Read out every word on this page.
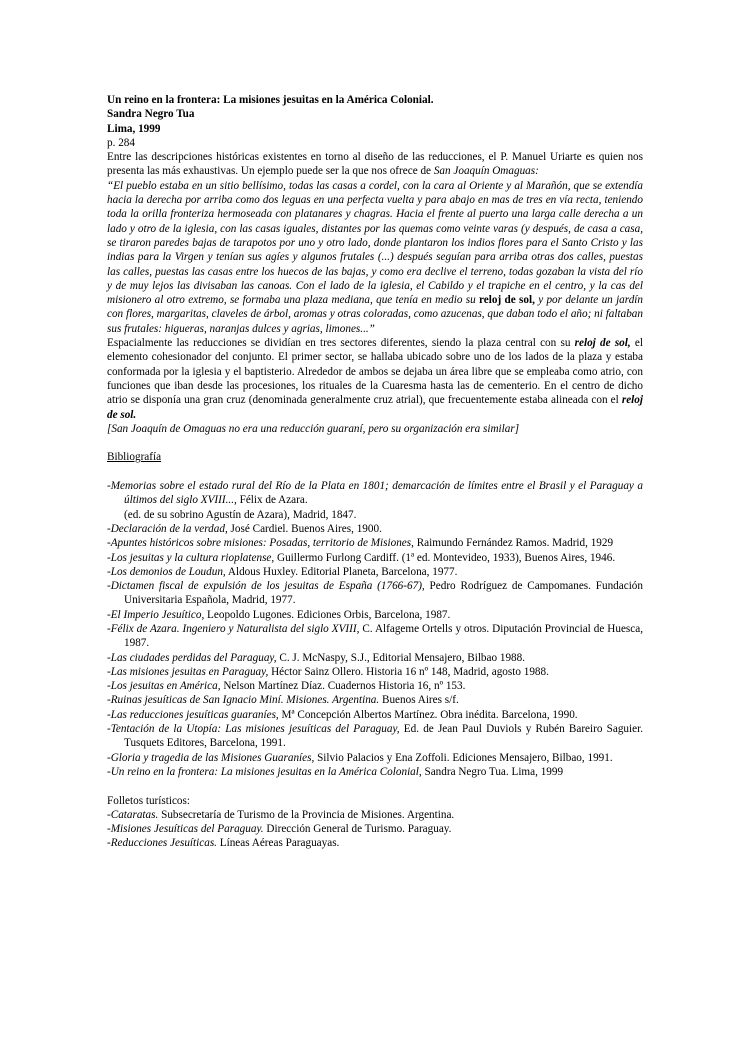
Un reino en la frontera: La misiones jesuitas en la América Colonial.

Sandra Negro Tua

Lima, 1999

p. 284

Entre las descripciones históricas existentes en torno al diseño de las reducciones, el P. Manuel Uriarte es quien nos presenta las más exhaustivas. Un ejemplo puede ser la que nos ofrece de San Joaquín Omaguas:

“El pueblo estaba en un sitio bellísimo, todas las casas a cordel, con la cara al Oriente y al Marañón, que se extendía hacia la derecha por arriba como dos leguas en una perfecta vuelta y para abajo en mas de tres en vía recta, teniendo toda la orilla fronteriza hermoseada con platanares y chagras. Hacia el frente al puerto una larga calle derecha a un lado y otro de la iglesia, con las casas iguales, distantes por las quemas como veinte varas (y después, de casa a casa, se tiraron paredes bajas de tarapotos por uno y otro lado, donde plantaron los indios flores para el Santo Cristo y las indias para la Virgen y tenían sus agíes y algunos frutales (...) después seguían para arriba otras dos calles, puestas las calles, puestas las casas entre los huecos de las bajas, y como era declive el terreno, todas gozaban la vista del río y de muy lejos las divisaban las canoas. Con el lado de la iglesia, el Cabildo y el trapiche en el centro, y la cas del misionero al otro extremo, se formaba una plaza mediana, que tenía en medio su reloj de sol, y por delante un jardín con flores, margaritas, claveles de árbol, aromas y otras coloradas, como azucenas, que daban todo el año; ni faltaban sus frutales: higueras, naranjas dulces y agrias, limones...”

Espacialmente las reducciones se dividían en tres sectores diferentes, siendo la plaza central con su reloj de sol, el elemento cohesionador del conjunto. El primer sector, se hallaba ubicado sobre uno de los lados de la plaza y estaba conformada por la iglesia y el baptisterio. Alrededor de ambos se dejaba un área libre que se empleaba como atrio, con funciones que iban desde las procesiones, los rituales de la Cuaresma hasta las de cementerio. En el centro de dicho atrio se disponía una gran cruz (denominada generalmente cruz atrial), que frecuentemente estaba alineada con el reloj de sol.

[San Joaquín de Omaguas no era una reducción guaraní, pero su organización era similar]

Bibliografía

-Memorias sobre el estado rural del Río de la Plata en 1801; demarcación de límites entre el Brasil y el Paraguay a últimos del siglo XVIII..., Félix de Azara.

(ed. de su sobrino Agustín de Azara), Madrid, 1847.

-Declaración de la verdad, José Cardiel. Buenos Aires, 1900.

-Apuntes históricos sobre misiones: Posadas, territorio de Misiones, Raimundo Fernández Ramos. Madrid, 1929

-Los jesuitas y la cultura rioplatense, Guillermo Furlong Cardiff. (1ª ed. Montevideo, 1933), Buenos Aires, 1946.

-Los demonios de Loudun, Aldous Huxley. Editorial Planeta, Barcelona, 1977.

-Dictamen fiscal de expulsión de los jesuitas de España (1766-67), Pedro Rodríguez de Campomanes. Fundación Universitaria Española, Madrid, 1977.

-El Imperio Jesuítico, Leopoldo Lugones. Ediciones Orbis, Barcelona, 1987.

-Félix de Azara. Ingeniero y Naturalista del siglo XVIII, C. Alfageme Ortells y otros. Diputación Provincial de Huesca, 1987.

-Las ciudades perdidas del Paraguay, C. J. McNaspy, S.J., Editorial Mensajero, Bilbao 1988.

-Las misiones jesuitas en Paraguay, Héctor Sainz Ollero. Historia 16 nº 148, Madrid, agosto 1988.

-Los jesuitas en América, Nelson Martínez Díaz. Cuadernos Historia 16, nº 153.

-Ruinas jesuíticas de San Ignacio Miní. Misiones. Argentina. Buenos Aires s/f.

-Las reducciones jesuíticas guaraníes, Mª Concepción Albertos Martínez. Obra inédita. Barcelona, 1990.

-Tentación de la Utopía: Las misiones jesuíticas del Paraguay, Ed. de Jean Paul Duviols y Rubén Bareiro Saguier. Tusquets Editores, Barcelona, 1991.

-Gloria y tragedia de las Misiones Guaraníes, Silvio Palacios y Ena Zoffoli. Ediciones Mensajero, Bilbao, 1991.

-Un reino en la frontera: La misiones jesuitas en la América Colonial, Sandra Negro Tua. Lima, 1999

Folletos turísticos:

-Cataratas. Subsecretaría de Turismo de la Provincia de Misiones. Argentina.

-Misiones Jesuíticas del Paraguay. Dirección General de Turismo. Paraguay.

-Reducciones Jesuíticas. Líneas Aéreas Paraguayas.
